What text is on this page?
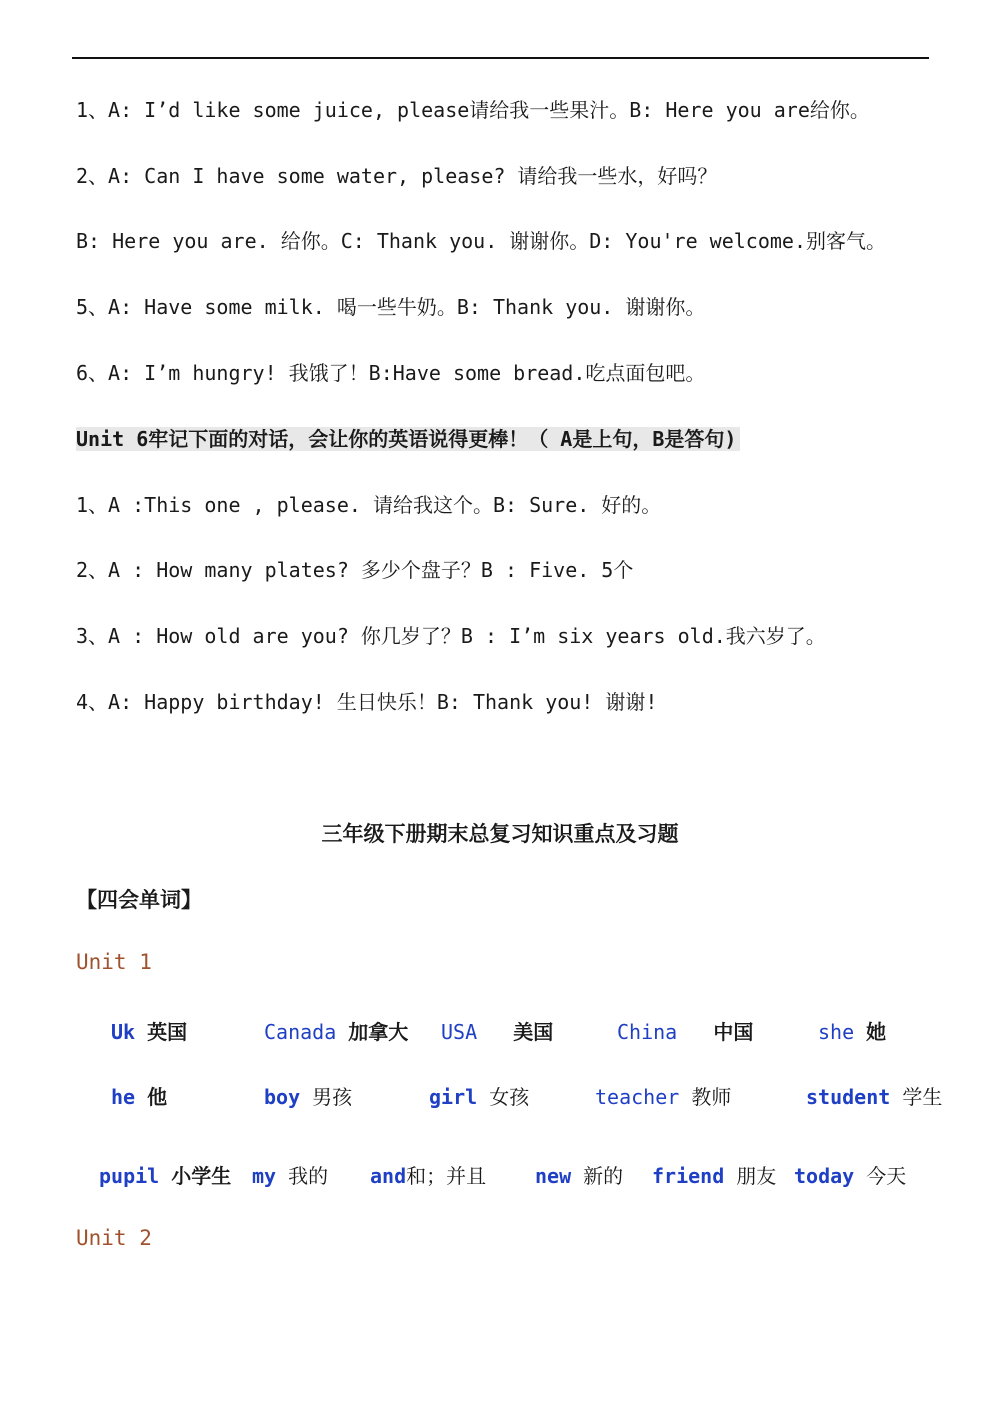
1、A: I’d like some juice, please请给我一些果汁。B: Here you are给你。
2、A: Can I have some water, please? 请给我一些水，好吗？
B: Here you are. 给你。C: Thank you. 谢谢你。D: You're welcome.别客气。
5、A: Have some milk. 喝一些牛奶。B: Thank you. 谢谢你。
6、A: I’m hungry! 我饿了！B:Have some bread.吃点面包吧。
Unit 6牢记下面的对话，会让你的英语说得更棒！（ A是上句，B是答句)
1、A :This one , please. 请给我这个。B: Sure. 好的。
2、A : How many plates? 多少个盘子？B : Five. 5个
3、A : How old are you? 你几岁了？B : I’m six years old.我六岁了。
4、A: Happy birthday! 生日快乐！B: Thank you! 谢谢!
三年级下册期末总复习知识重点及习题
【四会单词】
Unit 1
Uk 英国	Canada 加拿大 USA 美国	China 中国	she 她
he 他	boy 男孩	girl 女孩	teacher 教师	student 学生
pupil 小学生 my 我的 and和；并且 new 新的 friend 朋友 today 今天
Unit 2
